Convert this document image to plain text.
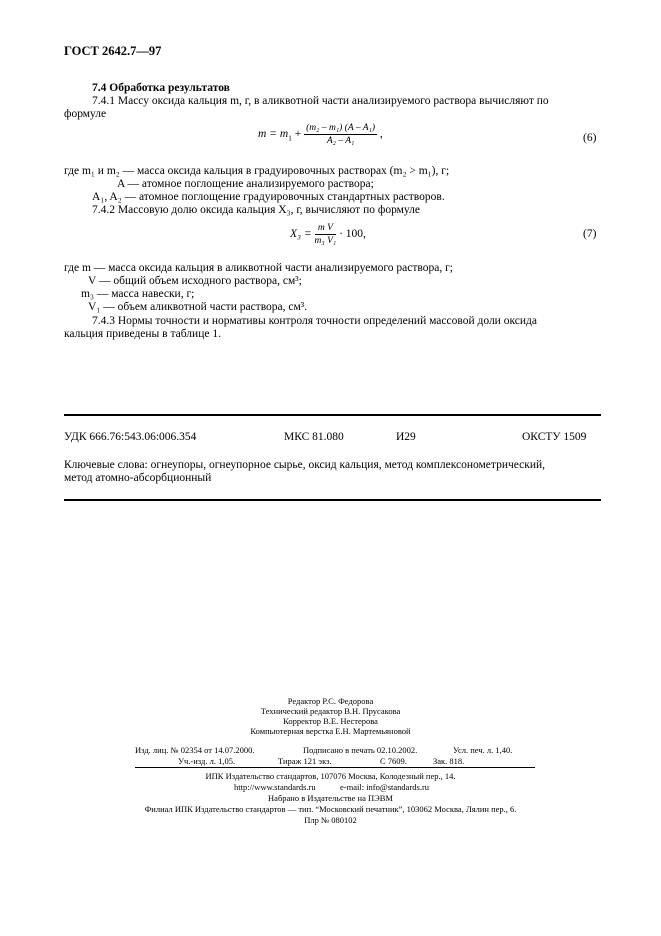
ГОСТ 2642.7—97
7.4 Обработка результатов
7.4.1 Массу оксида кальция m, г, в аликвотной части анализируемого раствора вычисляют по
формуле
$m = m_1 + \frac{\text{(m₂ – m₁) (A – A₁)}}{\text{A₂ – A₁}}$ ,	(6)
где m₁ и m₂ — масса оксида кальция в градуировочных растворах (m₂ > m₁), г;
A — атомное поглощение анализируемого раствора;
A₁, A₂ — атомное поглощение градуировочных стандартных растворов.
7.4.2 Массовую долю оксида кальция X₃, г, вычисляют по формуле
$X_3 = \frac{\text{m V}}{\text{m₃ V₁}} \cdot 100$,	(7)
где m — масса оксида кальция в аликвотной части анализируемого раствора, г;
V — общий объем исходного раствора, см³;
m₃ — масса навески, г;
V₁ — объем аликвотной части раствора, см³.
7.4.3 Нормы точности и нормативы контроля точности определений массовой доли оксида
кальция приведены в таблице 1.
УДК 666.76:543.06:006.354	МКС 81.080	И29	ОКСТУ 1509
Ключевые слова: огнеупоры, огнеупорное сырье, оксид кальция, метод комплексонометрический,
метод атомно-абсорбционный
Редактор Р.С. Федорова
Технический редактор В.Н. Прусакова
Корректор В.Е. Нестерова
Компьютерная верстка Е.Н. Мартемьяновой
Изд. лиц. № 02354 от 14.07.2000.	Подписано в печать 02.10.2002.	Усл. печ. л. 1,40.
Уч.-изд. л. 1,05.	Тираж 121 экз.	С 7609.	Зак. 818.
ИПК Издательство стандартов, 107076 Москва, Колодезный пер., 14.
http://www.standards.ru	e-mail: info@standards.ru
Набрано в Издательстве на ПЭВМ
Филиал ИПК Издательство стандартов — тип. “Московский печатник”, 103062 Москва, Лялин пер., 6.
Плр № 080102
